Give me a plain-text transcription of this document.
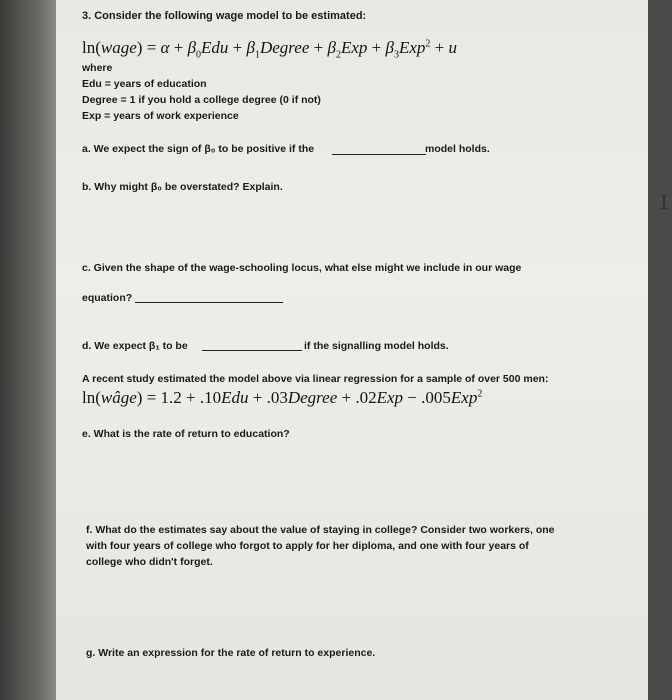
3. Consider the following wage model to be estimated:
ln(wage) = $\alpha + \beta_0Edu$ + $\beta_1Degree + \beta_2Exp + \beta_3Exp^2 + u$
where
Edu = years of education
Degree = 1 if you hold a college degree (0 if not)
Exp = years of work experience
a. We expect the sign of β₀ to be positive if the	model holds.
b. Why might β₀ be overstated? Explain.
I
c. Given the shape of the wage-schooling locus, what else might we include in our wage
equation?
d. We expect β₁ to be	if the signalling model holds.
A recent study estimated the model above via linear regression for a sample of over 500 men:
ln(wâge) = 1.2 + .10Edu + .03Degree + .02Exp − .005Exp$^2$
e. What is the rate of return to education?
f. What do the estimates say about the value of staying in college? Consider two workers, one
with four years of college who forgot to apply for her diploma, and one with four years of
college who didn't forget.
g. Write an expression for the rate of return to experience.
